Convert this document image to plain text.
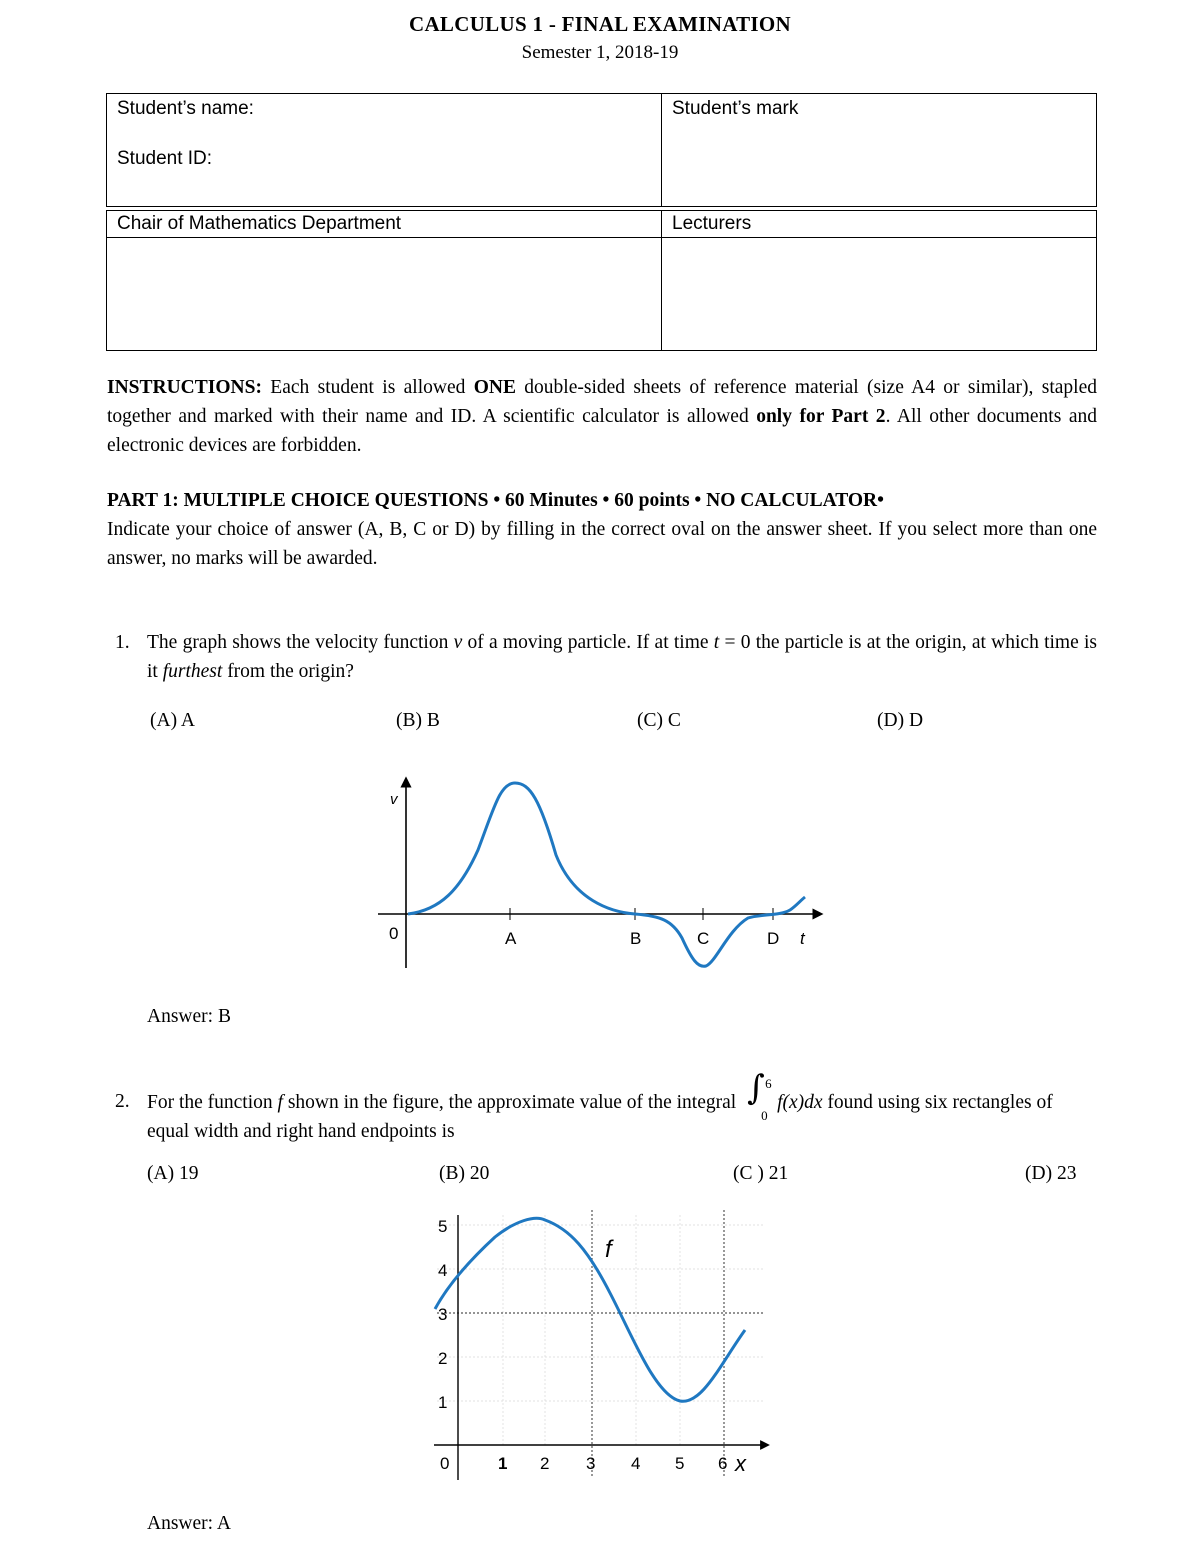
CALCULUS 1 - FINAL EXAMINATION
Semester 1, 2018-19
Student’s name:
Student ID:
	Student’s mark
Chair of Mathematics Department	Lecturers

INSTRUCTIONS: Each student is allowed ONE double-sided sheets of reference material (size A4 or similar), stapled together and marked with their name and ID. A scientific calculator is allowed only for Part 2. All other documents and electronic devices are forbidden.
PART 1: MULTIPLE CHOICE QUESTIONS • 60 Minutes • 60 points • NO CALCULATOR•
Indicate your choice of answer (A, B, C or D) by filling in the correct oval on the answer sheet. If you select more than one answer, no marks will be awarded.
1. The graph shows the velocity function v of a moving particle. If at time t = 0 the particle is at the origin, at which time is it furthest from the origin?
(A) A	(B) B	(C) C	(D) D
v
0	A	B	C	D t
Answer: B
2. For the function f shown in the figure, the approximate value of the integral ∫ 6
0
f(x)dx found using six rectangles of equal width and right hand endpoints is
(A) 19	(B) 20	(C ) 21	(D) 23
f
5
4
3
2
1
0	1 2 3 4 5 6 x
Answer: A
